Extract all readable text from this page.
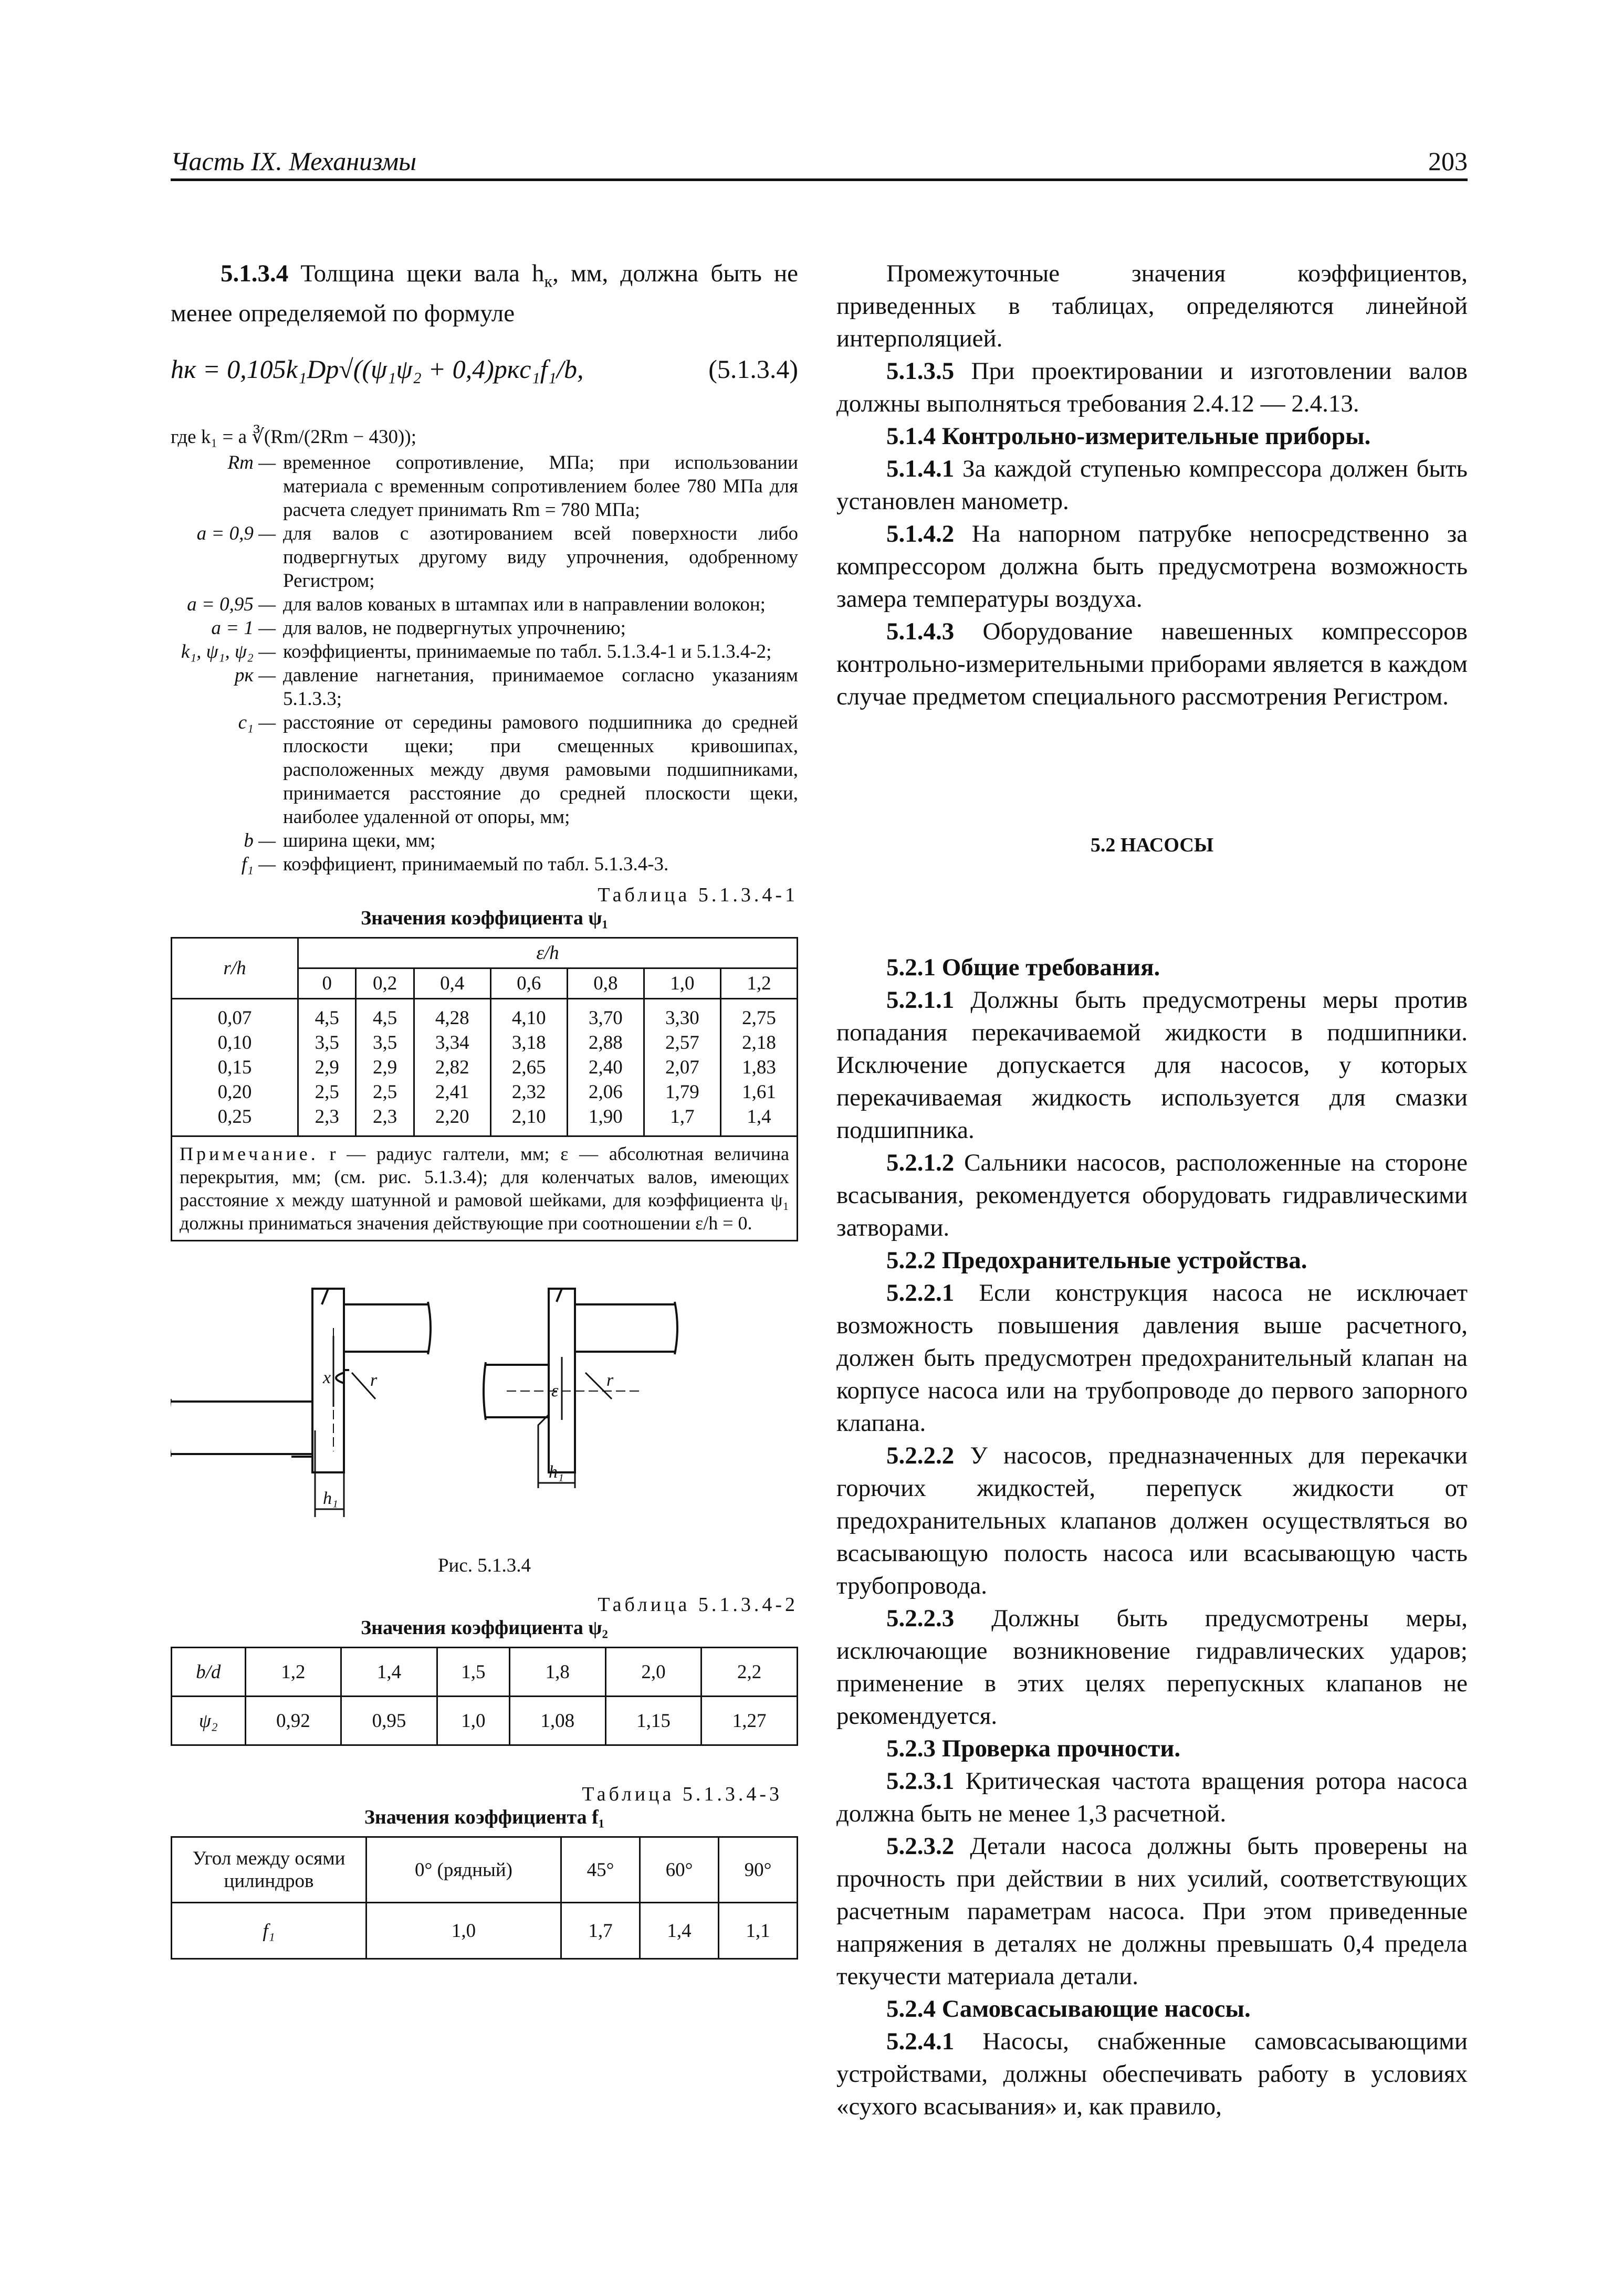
Часть IX. Механизмы	203

5.1.3.4 Толщина щеки вала $h_к$, мм, должна быть не менее определяемой по формуле

hк = 0,105k₁Dр√((ψ₁ψ₂ + 0,4)pкc₁f₁/b,	(5.1.3.4)
где k₁ = a ∛(Rm/(2Rm − 430));
Rm — временное сопротивление, МПа; при использовании материала с временным сопротивлением более 780 МПа для расчета следует принимать Rm = 780 МПа;
a = 0,9 — для валов с азотированием всей поверхности либо подвергнутых другому виду упрочнения, одобренному Регистром;
a = 0,95 — для валов кованых в штампах или в направлении волокон;
a = 1 — для валов, не подвергнутых упрочнению;
k₁, ψ₁, ψ₂ — коэффициенты, принимаемые по табл. 5.1.3.4-1 и 5.1.3.4-2;
pк — давление нагнетания, принимаемое согласно указаниям 5.1.3.3;
c₁ — расстояние от середины рамового подшипника до средней плоскости щеки; при смещенных кривошипах, расположенных между двумя рамовыми подшипниками, принимается расстояние до средней плоскости щеки, наиболее удаленной от опоры, мм;
b — ширина щеки, мм;
f₁ — коэффициент, принимаемый по табл. 5.1.3.4-3.
Таблица 5.1.3.4-1
Значения коэффициента ψ₁
r/h	ε/h						
	0	0,2	0,4	0,6	0,8	1,0	1,2
0,07	4,5	4,5	4,28	4,10	3,70	3,30	2,75
0,10	3,5	3,5	3,34	3,18	2,88	2,57	2,18
0,15	2,9	2,9	2,82	2,65	2,40	2,07	1,83
0,20	2,5	2,5	2,41	2,32	2,06	1,79	1,61
0,25	2,3	2,3	2,20	2,10	1,90	1,7	1,4
Примечание. r — радиус галтели, мм; ε — абсолютная величина перекрытия, мм; (см. рис. 5.1.3.4); для коленчатых валов, имеющих расстояние x между шатунной и рамовой шейками, для коэффициента ψ₁ должны приниматься значения действующие при соотношении ε/h = 0.							
x r
h₁
ε
r
h₁
Рис. 5.1.3.4
Таблица 5.1.3.4-2
Значения коэффициента ψ₂
b/d	1,2	1,4	1,5	1,8	2,0	2,2
ψ₂	0,92	0,95	1,0	1,08	1,15	1,27
Таблица 5.1.3.4-3
Значения коэффициента f₁
Угол между осями цилиндров	0° (рядный)	45°	60°	90°
f₁	1,0	1,7	1,4	1,1

Промежуточные значения коэффициентов, приведенных в таблицах, определяются линейной интерполяцией.

5.1.3.5 При проектировании и изготовлении валов должны выполняться требования 2.4.12 — 2.4.13.

5.1.4 Контрольно-измерительные приборы.

5.1.4.1 За каждой ступенью компрессора должен быть установлен манометр.

5.1.4.2 На напорном патрубке непосредственно за компрессором должна быть предусмотрена возможность замера температуры воздуха.

5.1.4.3 Оборудование навешенных компрессоров контрольно-измерительными приборами является в каждом случае предметом специального рассмотрения Регистром.

5.2 НАСОСЫ

5.2.1 Общие требования.

5.2.1.1 Должны быть предусмотрены меры против попадания перекачиваемой жидкости в подшипники. Исключение допускается для насосов, у которых перекачиваемая жидкость используется для смазки подшипника.

5.2.1.2 Сальники насосов, расположенные на стороне всасывания, рекомендуется оборудовать гидравлическими затворами.

5.2.2 Предохранительные устройства.

5.2.2.1 Если конструкция насоса не исключает возможность повышения давления выше расчетного, должен быть предусмотрен предохранительный клапан на корпусе насоса или на трубопроводе до первого запорного клапана.

5.2.2.2 У насосов, предназначенных для перекачки горючих жидкостей, перепуск жидкости от предохранительных клапанов должен осуществляться во всасывающую полость насоса или всасывающую часть трубопровода.

5.2.2.3 Должны быть предусмотрены меры, исключающие возникновение гидравлических ударов; применение в этих целях перепускных клапанов не рекомендуется.

5.2.3 Проверка прочности.

5.2.3.1 Критическая частота вращения ротора насоса должна быть не менее 1,3 расчетной.

5.2.3.2 Детали насоса должны быть проверены на прочность при действии в них усилий, соответствующих расчетным параметрам насоса. При этом приведенные напряжения в деталях не должны превышать 0,4 предела текучести материала детали.

5.2.4 Самовсасывающие насосы.

5.2.4.1 Насосы, снабженные самовсасывающими устройствами, должны обеспечивать работу в условиях «сухого всасывания» и, как правило,
